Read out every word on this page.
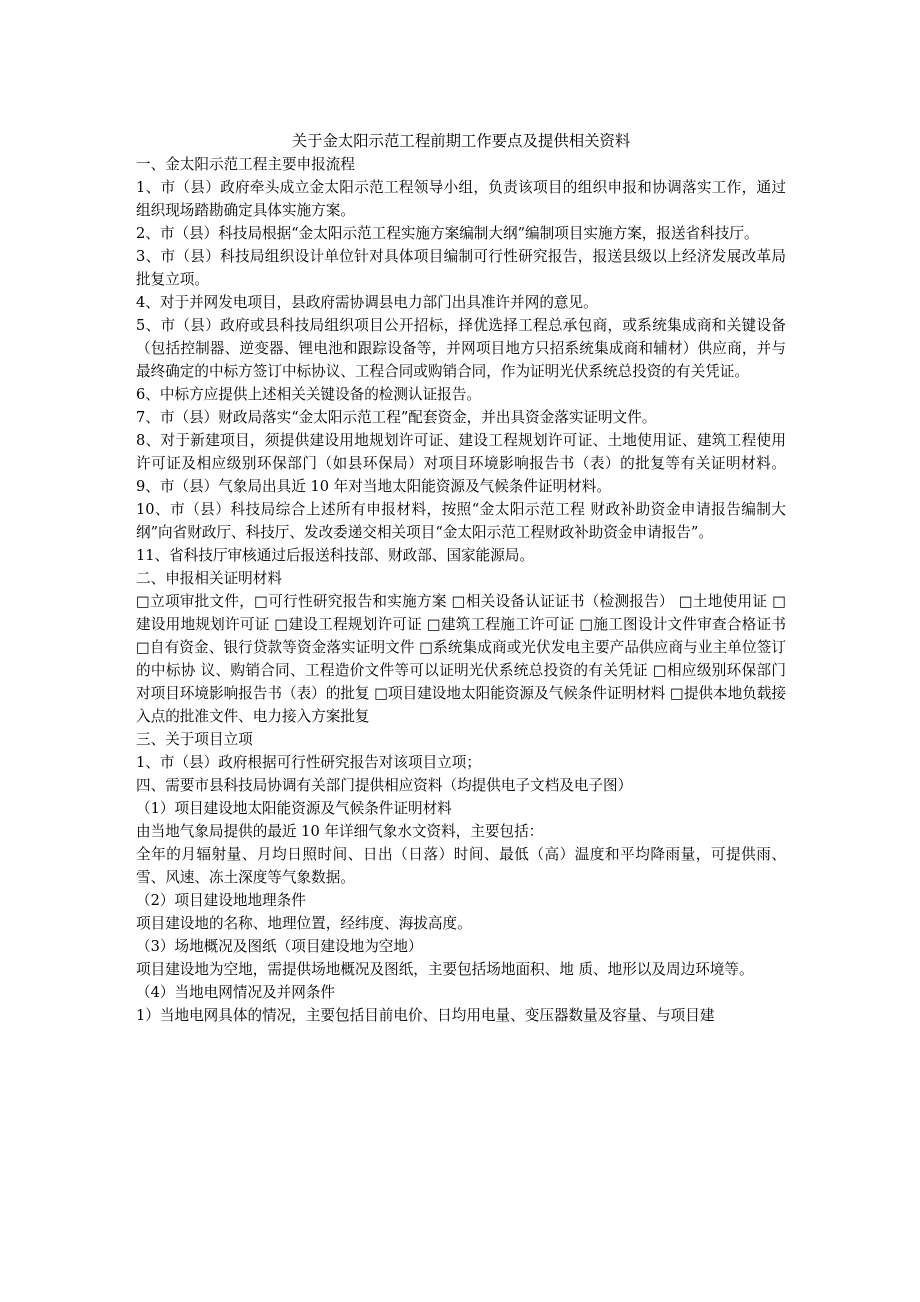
关于金太阳示范工程前期工作要点及提供相关资料

一、金太阳示范工程主要申报流程

1、市（县）政府牵头成立金太阳示范工程领导小组，负责该项目的组织申报和协调落实工作，通过组织现场踏勘确定具体实施方案。

2、市（县）科技局根据“金太阳示范工程实施方案编制大纲”编制项目实施方案，报送省科技厅。

3、市（县）科技局组织设计单位针对具体项目编制可行性研究报告，报送县级以上经济发展改革局批复立项。

4、对于并网发电项目，县政府需协调县电力部门出具准许并网的意见。

5、市（县）政府或县科技局组织项目公开招标，择优选择工程总承包商，或系统集成商和关键设备（包括控制器、逆变器、锂电池和跟踪设备等，并网项目地方只招系统集成商和辅材）供应商，并与最终确定的中标方签订中标协议、工程合同或购销合同，作为证明光伏系统总投资的有关凭证。

6、中标方应提供上述相关关键设备的检测认证报告。

7、市（县）财政局落实“金太阳示范工程”配套资金，并出具资金落实证明文件。

8、对于新建项目，须提供建设用地规划许可证、建设工程规划许可证、土地使用证、建筑工程使用许可证及相应级别环保部门（如县环保局）对项目环境影响报告书（表）的批复等有关证明材料。 9、市（县）气象局出具近 10 年对当地太阳能资源及气候条件证明材料。

10、市（县）科技局综合上述所有申报材料，按照“金太阳示范工程 财政补助资金申请报告编制大纲”向省财政厅、科技厅、发改委递交相关项目“金太阳示范工程财政补助资金申请报告”。

11、省科技厅审核通过后报送科技部、财政部、国家能源局。

二、申报相关证明材料

□立项审批文件，□可行性研究报告和实施方案 □相关设备认证证书（检测报告） □土地使用证 □建设用地规划许可证 □建设工程规划许可证 □建筑工程施工许可证 □施工图设计文件审查合格证书 □自有资金、银行贷款等资金落实证明文件 □系统集成商或光伏发电主要产品供应商与业主单位签订的中标协 议、购销合同、工程造价文件等可以证明光伏系统总投资的有关凭证 □相应级别环保部门对项目环境影响报告书（表）的批复 □项目建设地太阳能资源及气候条件证明材料 □提供本地负载接入点的批准文件、电力接入方案批复

三、关于项目立项

1、市（县）政府根据可行性研究报告对该项目立项；

四、需要市县科技局协调有关部门提供相应资料（均提供电子文档及电子图）

（1）项目建设地太阳能资源及气候条件证明材料

由当地气象局提供的最近 10 年详细气象水文资料，主要包括：

全年的月辐射量、月均日照时间、日出（日落）时间、最低（高）温度和平均降雨量，可提供雨、雪、风速、冻土深度等气象数据。

（2）项目建设地地理条件

项目建设地的名称、地理位置，经纬度、海拔高度。

（3）场地概况及图纸（项目建设地为空地）

项目建设地为空地，需提供场地概况及图纸，主要包括场地面积、地 质、地形以及周边环境等。

（4）当地电网情况及并网条件

1）当地电网具体的情况，主要包括目前电价、日均用电量、变压器数量及容量、与项目建
